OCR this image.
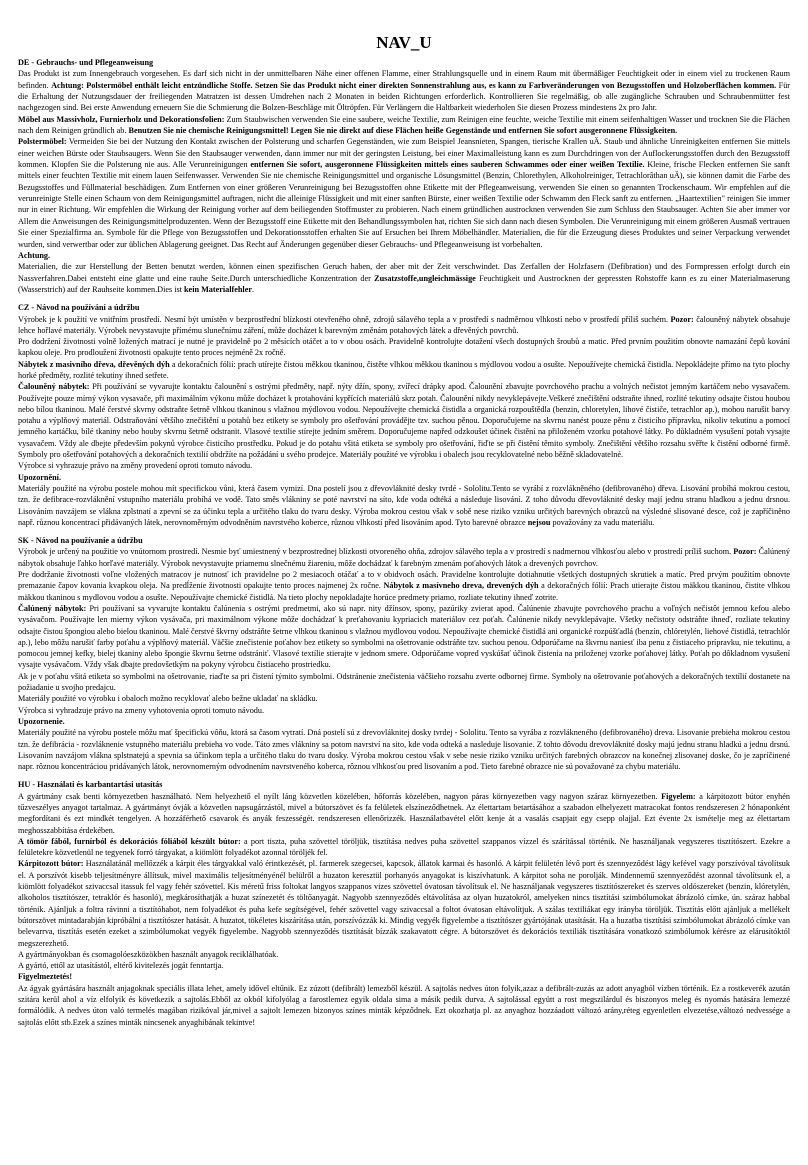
NAV_U
DE - Gebrauchs- und Pflegeanweisung

Das Produkt ist zum Innengebrauch vorgesehen. Es darf sich nicht in der unmittelbaren Nähe einer offenen Flamme, einer Strahlungsquelle und in einem Raum mit übermäßiger Feuchtigkeit oder in einem viel zu trockenen Raum befinden. Achtung: Polstermöbel enthält leicht entzündliche Stoffe. Setzen Sie das Produkt nicht einer direkten Sonnenstrahlung aus, es kann zu Farbveränderungen von Bezugsstoffen und Holzoberflächen kommen. Für die Erhaltung der Nutzungsdauer der freiliegenden Matratzen ist dessen Umdrehen nach 2 Monaten in beiden Richtungen erforderlich. Kontrollieren Sie regelmäßig, ob alle zugängliche Schrauben und Schraubenmütter fest nachgezogen sind. Bei erste Anwendung erneuern Sie die Schmierung die Bolzen-Beschläge mit Öltröpfen. Für Verlängern die Haltbarkeit wiederholen Sie diesen Prozess mindestens 2x pro Jahr.

Möbel aus Massivholz, Furnierholz und Dekorationsfolien: Zum Staubwischen verwenden Sie eine saubere, weiche Textilie, zum Reinigen eine feuchte, weiche Textilie mit einem seifenhaltigen Wasser und trocknen Sie die Flächen nach dem Reinigen gründlich ab. Benutzen Sie nie chemische Reinigungsmittel! Legen Sie nie direkt auf diese Flächen heiße Gegenstände und entfernen Sie sofort ausgeronnene Flüssigkeiten.

Polstermöbel: Vermeiden Sie bei der Nutzung den Kontakt zwischen der Polsterung und scharfen Gegenständen, wie zum Beispiel Jeansnieten, Spangen, tierische Krallen uÄ. Staub und ähnliche Unreinigkeiten entfernen Sie mittels einer weichen Bürste oder Staubsaugers. Wenn Sie den Staubsauger verwenden, dann immer nur mit der geringsten Leistung, bei einer Maximalleistung kann es zum Durchdringen von der Auflockerungsstoffen durch den Bezugsstoff kommen. Klopfen Sie die Polsterung nie aus. Alle Verunreinigungen entfernen Sie sofort, ausgeronnene Flüssigkeiten mittels eines sauberen Schwammes oder einer weißen Textilie. Kleine, frische Flecken entfernen Sie sanft mittels einer feuchten Textilie mit einem lauen Seifenwasser. Verwenden Sie nie chemische Reinigungsmittel und organische Lösungsmittel (Benzin, Chlorethylen, Alkoholreiniger, Tetrachlorâthan uÄ), sie können damit die Farbe des Bezugsstoffes und Füllmaterial beschädigen. Zum Entfernen von einer größeren Verunreinigung bei Bezugsstoffen ohne Etikette mit der Pflegeanweisung, verwenden Sie einen so genannten Trockenschaum. Wir empfehlen auf die verunreinigte Stelle einen Schaum von dem Reinigungsmittel auftragen, nicht die alleinige Flüssigkeit und mit einer sanften Bürste, einer weißen Textilie oder Schwamm den Fleck sanft zu entfernen. „Haartextilien" reinigen Sie immer nur in einer Richtung. Wir empfehlen die Wirkung der Reinigung vorher auf dem beiliegenden Stoffmuster zu probieren. Nach einem gründlichen austrocknen verwenden Sie zum Schluss den Staubsauger. Achten Sie aber immer vor Allem die Anweisungen des Reinigungsmittelproduzenten. Wenn der Bezugsstoff eine Etikette mit den Behandlungssymbolen hat, richten Sie sich dann nach diesen Symbolen. Die Verunreinigung mit einem größeren Ausmaß vertrauen Sie einer Spezialfirma an. Symbole für die Pflege von Bezugsstoffen und Dekorationsstoffen erhalten Sie auf Ersuchen bei Ihrem Möbelhändler. Materialien, die für die Erzeugung dieses Produktes und seiner Verpackung verwendet wurden, sind verwertbar oder zur üblichen Ablagerung geeignet. Das Recht auf Änderungen gegenüber dieser Gebrauchs- und Pflegeanweisung ist vorbehalten.

Achtung.

Materialien, die zur Herstellung der Betten benutzt werden, können einen spezifischen Geruch haben, der aber mit der Zeit verschwindet. Das Zerfallen der Holzfasern (Defibration) und des Formpressen erfolgt durch ein Nassverfahren.Dabei entsteht eine glatte und eine rauhe Seite.Durch unterschiedliche Konzentration der Zusatzstoffe,ungleichmässige Feuchtigkeit und Austrocknen der gepressten Rohstoffe kann es zu einer Materialmaserung (Wasserstrich) auf der Rauhseite kommen.Dies ist kein Materialfehler.

CZ - Návod na používání a údržbu

Výrobek je k použití ve vnitřním prostředí. Nesmí být umístěn v bezprostřední blízkosti otevřeného ohně, zdrojů sálavého tepla a v prostředí s nadměrnou vlhkostí nebo v prostředí příliš suchém. Pozor: čalouněný nábytek obsahuje lehce hořlavé materiály. Výrobek nevystavujte přímému slunečnímu záření, může docházet k barevným změnám potahových látek a dřevěných povrchů.

Pro dodržení životnosti volně ložených matrací je nutné je pravidelně po 2 měsících otáčet a to v obou osách. Pravidelně kontrolujte dotažení všech dostupných šroubů a matic. Před prvním použitím obnovte namazání čepů kování kapkou oleje. Pro prodloužení životnosti opakujte tento proces nejméně 2x ročně.

Nábytek z masivního dřeva, dřevěných dýh a dekoračních fólií: prach utírejte čistou měkkou tkaninou, čistěte vlhkou měkkou tkaninou s mýdlovou vodou a osušte. Nepoužívejte chemická čistidla. Nepokládejte přímo na tyto plochy horké předměty, rozlité tekutiny ihned setřete.

Čalouněný nábytek: Při používání se vyvarujte kontaktu čalounění s ostrými předměty, např. nýty džín, spony, zvířecí drápky apod. Čalounění zbavujte povrchového prachu a volných nečistot jemným kartáčem nebo vysavačem. Používejte pouze mírný výkon vysavače, při maximálním výkonu může docházet k protahování kypřících materiálů skrz potah. Čalounění nikdy nevyklepávejte.Veškeré znečištění odstraňte ihned, rozlité tekutiny odsajte čistou houbou nebo bílou tkaninou. Malé čerstvé skvrny odstraňte šetrně vlhkou tkaninou s vlažnou mýdlovou vodou. Nepoužívejte chemická čistidla a organická rozpouštědla (benzin, chloretylen, lihové čističe, tetrachlor ap.), mohou narušit barvy potahu a výplňový materiál. Odstraňování většího znečištění u potahů bez etikety se symboly pro ošetřování provádějte tzv. suchou pěnou. Doporučujeme na skvrnu nanést pouze pěnu z čisticího přípravku, nikoliv tekutinu a pomocí jemného kartáčku, bílé tkaniny nebo houby skvrnu šetrně odstranit. Vlasové textilie stírejte jedním směrem. Doporučujeme napřed odzkoušet účinek čistění na přiloženém vzorku potahové látky. Po důkladném vysušení potah vysajte vysavačem. Vždy ale dbejte především pokynů výrobce čisticího prostředku. Pokud je do potahu všitá etiketa se symboly pro ošetřování, řiďte se při čistění těmito symboly. Znečištění většího rozsahu svěřte k čistění odborné firmě. Symboly pro ošetřování potahových a dekoračních textilií obdržíte na požádání u svého prodejce. Materiály použité ve výrobku i obalech jsou recyklovatelné nebo běžně skladovatelné.

Výrobce si vyhrazuje právo na změny provedení oproti tomuto návodu.

Upozornění.

Materiály použité na výrobu postele mohou mít specifickou vůni, která časem vymizí. Dna postelí jsou z dřevovláknité desky tvrdé - Sololitu.Tento se vyrábí z rozvlákněného (defibrovaného) dřeva. Lisování probíhá mokrou cestou, tzn. že defibrace-rozvláknění vstupního materiálu probíhá ve vodě. Tato směs vlákniny se poté navrství na síto, kde voda odtéká a následuje lisování. Z toho důvodu dřevovláknité desky mají jednu stranu hladkou a jednu drsnou. Lisováním navzájem se vlákna zplstnatí a zpevní se za účinku tepla a určitého tlaku do tvaru desky. Výroba mokrou cestou však v sobě nese riziko vzniku určitých barevných obrazců na výsledné slisované desce, což je zapříčiněno např. různou koncentrací přidávaných látek, nerovnoměrným odvodněním navrstvého koberce, různou vlhkostí před lisováním apod. Tyto barevné obrazce nejsou považovány za vadu materiálu.

SK - Návod na používanie a údržbu

Výrobok je určený na použitie vo vnútornom prostredí. Nesmie byť umiestnený v bezprostrednej blízkosti otvoreného ohňa, zdrojov sálavého tepla a v prostredí s nadmernou vlhkosťou alebo v prostredí príliš suchom. Pozor: Čalúnený nábytok obsahuje ľahko horľavé materiály. Výrobok nevystavujte priamemu slnečnému žiareniu, môže dochádzať k farebným zmenám poťahových látok a drevených povrchov.

Pre dodržanie životnosti voľne vložených matracov je nutnosť ich pravidelne po 2 mesiacoch otáčať a to v obidvoch osách. Pravidelne kontrolujte dotiahnutie všetkých dostupných skrutiek a matíc. Pred prvým použitím obnovte premazanie čapov kovania kvapkou oleja. Na predĺženie životnosti opakujte tento proces najmenej 2x ročne. Nábytok z masívneho dreva, drevených dýh a dekoračných fólií: Prach utierajte čistou mäkkou tkaninou, čistite vlhkou mäkkou tkaninou s mydlovou vodou a osušte. Nepoužívajte chemické čistidlá. Na tieto plochy nepokladajte horúce predmety priamo, rozliate tekutiny ihneď zotrite.

Čalúnený nábytok: Pri používaní sa vyvarujte kontaktu čalúnenia s ostrými predmetmi, ako sú napr. nity džínsov, spony, pazúriky zvierat apod. Čalúnenie zbavujte povrchového prachu a voľných nečistôt jemnou kefou alebo vysávačom. Používajte len mierny výkon vysávača, pri maximálnom výkone môže dochádzať k preťahovaniu kypriacich materiálov cez poťah. Čalúnenie nikdy nevyklepávajte. Všetky nečistoty odstráňte ihneď, rozliate tekutiny odsajte čistou špongiou alebo bielou tkaninou. Malé čerstvé škvrny odstráňte šetrne vlhkou tkaninou s vlažnou mydlovou vodou. Nepoužívajte chemické čistidlá ani organické rozpúšťadlá (benzín, chlóretylén, liehové čistidlá, tetrachlór ap.), lebo môžu narušiť farby poťahu a výplňový materiál. Väčšie znečistenie poťahov bez etikety so symbolmi na ošetrovanie odstráňte tzv. suchou penou. Odporúčame na škvrnu naniesť iba penu z čistiaceho prípravku, nie tekutinu, a pomocou jemnej kefky, bielej tkaniny alebo špongie škvrnu šetrne odstrániť. Vlasové textílie stierajte v jednom smere. Odporúčame vopred vyskúšať účinok čistenia na priloženej vzorke poťahovej látky. Poťah po dôkladnom vysušení vysajte vysávačom. Vždy však dbajte predovšetkým na pokyny výrobcu čistiaceho prostriedku.

Ak je v poťahu všitá etiketa so symbolmi na ošetrovanie, riaďte sa pri čistení týmito symbolmi. Odstránenie znečistenia väčšieho rozsahu zverte odbornej firme. Symboly na ošetrovanie poťahových a dekoračných textílií dostanete na požiadanie u svojho predajcu.

Materiály použité vo výrobku i obaloch možno recyklovať alebo bežne ukladať na skládku.

Výrobca si vyhradzuje právo na zmeny vyhotovenia oproti tomuto návodu.

Upozornenie.

Materiály použité na výrobu postele môžu mať špecifickú vôňu, ktorá sa časom vytratí. Dná postelí sú z drevovláknitej dosky tvrdej - Sololitu. Tento sa vyrába z rozvlákneného (defibrovaného) dreva. Lisovanie prebieha mokrou cestou tzn. že defibrácia - rozvláknenie vstupného materiálu prebieha vo vode. Táto zmes vlákniny sa potom navrství na sito, kde voda odteká a nasleduje lisovanie. Z tohto dôvodu drevovláknité dosky majú jednu stranu hladkú a jednu drsnú. Lisovaním navzájom vlákna splstnatejú a spevnia sa účinkom tepla a určitého tlaku do tvaru dosky. Výroba mokrou cestou však v sebe nesie riziko vzniku určitých farebných obrazcov na konečnej zlisovanej doske, čo je zapríčinené napr. rôznou koncentráciou pridávaných látok, nerovnomerným odvodnením navrstveného koberca, rôznou vlhkosťou pred lisovaním a pod. Tieto farebné obrazce nie sú považované za chybu materiálu.

HU - Használati és karbantartási utasítás

A gyártmány csak benti környezetben használható. Nem helyezhető el nyílt láng közvetlen közelében, hőforrás közelében, nagyon páras környezetben vagy nagyon száraz környezetben. Figyelem: a kárpitozott bútor enyhén tűzveszélyes anyagot tartalmaz. A gyártmányt óvják a közvetlen napsugárzástól, mivel a bútorszövet és fa felületek elszíneződhetnek. Az élettartam betartásához a szabadon elhelyezett matracokat fontos rendszeresen 2 hónaponként megfordítani és ezt mindkét tengelyen. A hozzáférhető csavarok és anyák feszességét. rendszeresen ellenőrizzék. Használatbavétel előtt kenje át a vasalás csapjait egy csepp olajjal. Ezt évente 2x ismételje meg az élettartam meghosszabbítása érdekében.

A tömör fából, furnírból és dekorációs fóliából készült bútor: a port tiszta, puha szövettel töröljük, tisztítása nedves puha szövettel szappanos vízzel és szárítással történik. Ne használjanak vegyszeres tisztítószert. Ezekre a felületekre közvetlenül ne tegyenek forró tárgyakat, a kiömlött folyadékot azonnal töröljék fel.

Kárpitozott bútor: Használatánál mellőzzék a kárpit éles tárgyakkal való érintkezését, pl. farmerek szegecsei, kapcsok, állatok karmai és hasonló. A kárpit felületén lévő port és szennyeződést lágy kefével vagy porszívóval távolítsuk el. A porszívót kisebb teljesítményre állítsuk, mivel maximális teljesítményénél belülről a huzaton keresztül porhanyós anyagokat is kiszívhatunk. A kárpitot soha ne porolják. Mindennemű szennyeződést azonnal távolítsunk el, a kiömlött folyadékot szivaccsal itassuk fel vagy fehér szövettel. Kis méretű friss foltokat langyos szappanos vizes szövettel óvatosan távolítsuk el. Ne használjanak vegyszeres tisztítószereket és szerves oldószereket (benzin, klóretylén, alkoholos tisztítószer, tetraklór és hasonló), megkárosíthatják a huzat színezetét és töltőanyagát. Nagyobb szennyeződés eltávolítása az olyan huzatokról, amelyeken nincs tisztítási szimbólumokat ábrázoló címke, ún. száraz habbal történik. Ajánljuk a foltra rávinni a tisztítóhabot, nem folyadékot és puha kefe segítségével, fehér szövettel vagy szivaccsal a foltot óvatosan eltávolítjuk. A szálas textiliákat egy irányba töröljük. Tisztítás előtt ajánljuk a mellékelt bútorszövet mintadarabján kipróbálni a tisztítószer hatását. A huzatot, tökéletes kiszárítása után, porszívózzák ki. Mindig vegyék figyelembe a tisztítószer gyártójának utasítását. Ha a huzatba tisztítási szimbólumokat ábrázoló címke van belevarrva, tisztítás esetén ezeket a szimbólumokat vegyék figyelembe. Nagyobb szennyeződés tisztítását bízzák szakavatott cégre. A bútorszövet és dekorációs textiliák tisztítására vonatkozó szimbólumok kérésre az elárusítóktól megszerezhető.

A gyártmányokban és csomagolóeszközökben használt anyagok reciklálhatóak.

A gyártó, ettől az utasítástól, eltérő kivitelezés jogát fenntartja.

Figyelmeztetés!

Az ágyak gyártására használt anjagoknak speciális illata lehet, amely idővel eltűnik. Ez zúzott (defibrált) lemezből készül. A sajtolás nedves úton folyik,azaz a defibrált-zuzás az adott anyagból vízben történik. Ez a rostkeverék azután szitára kerül ahol a víz elfolyik és következik a sajtolás.Ebből az okból kifolyólag a farostlemez egyik oldala sima a másik pedik durva. A sajtolással együtt a rost megszilárdul és biszonyos meleg és nyomás hatására lemezzé formálódik. A nedves úton való termelés magában rizikóval jár,mivel a sajtolt lemezen bizonyos színes minták képződnek. Ezt okozhatja pl. az anyaghoz hozzáadott változó arány,réteg egyenletlen elvezetése,változó nedvessége a sajtolás előtt stb.Ezek a színes minták nincsenek anyaghibának tekintve!
